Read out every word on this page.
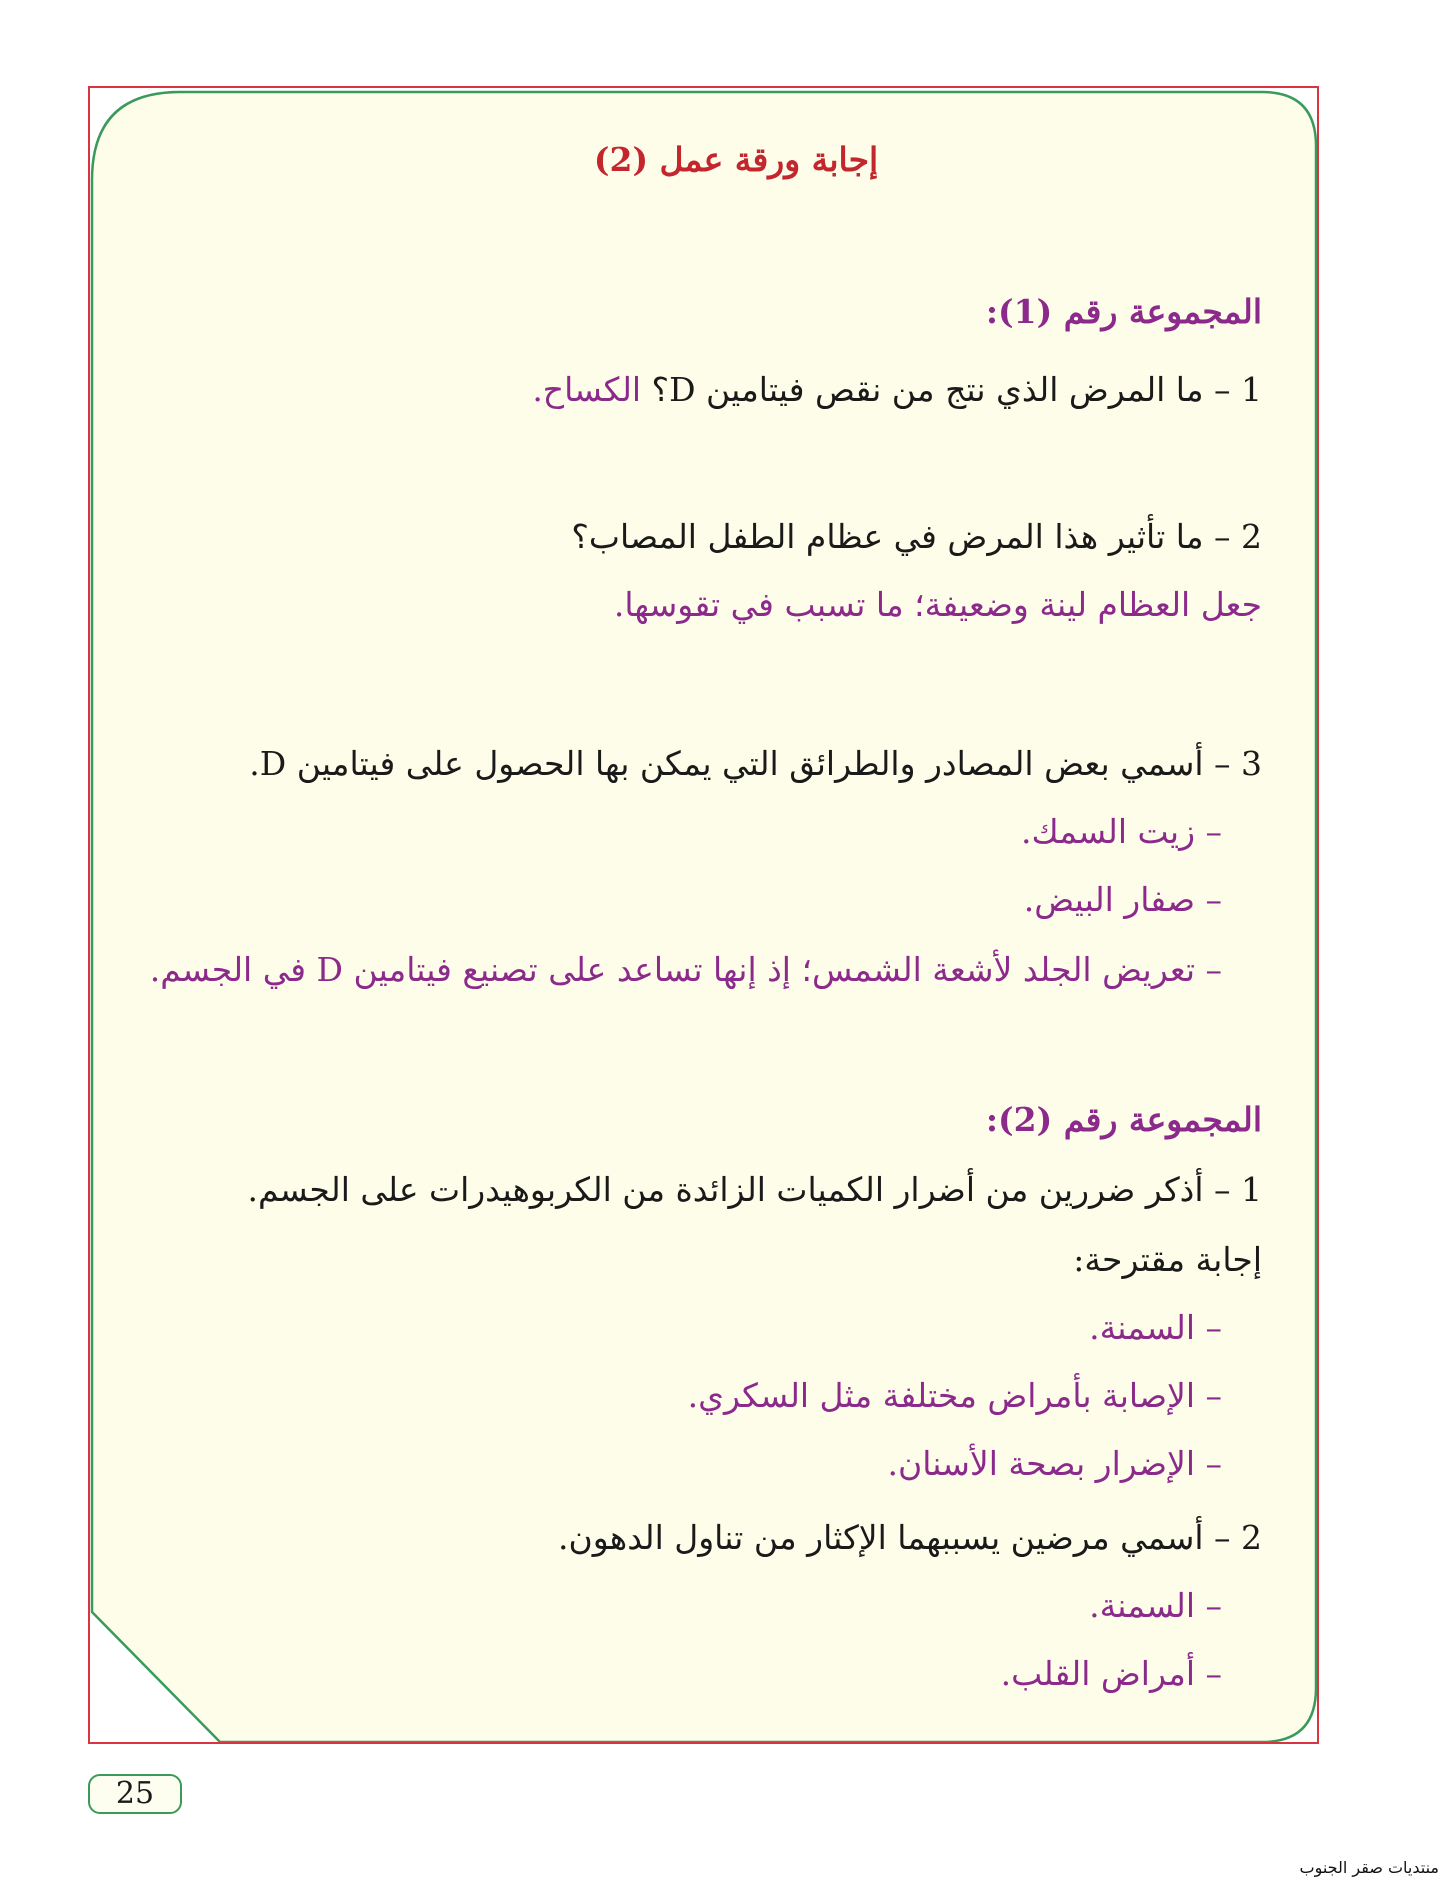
إجابة ورقة عمل (2)
المجموعة رقم (1):
1 – ما المرض الذي نتج من نقص فيتامين D؟ الكساح.
2 – ما تأثير هذا المرض في عظام الطفل المصاب؟
جعل العظام لينة وضعيفة؛ ما تسبب في تقوسها.
3 – أسمي بعض المصادر والطرائق التي يمكن بها الحصول على فيتامين D.
– زيت السمك.
– صفار البيض.
– تعريض الجلد لأشعة الشمس؛ إذ إنها تساعد على تصنيع فيتامين D في الجسم.
المجموعة رقم (2):
1 – أذكر ضررين من أضرار الكميات الزائدة من الكربوهيدرات على الجسم.
إجابة مقترحة:
– السمنة.
– الإصابة بأمراض مختلفة مثل السكري.
– الإضرار بصحة الأسنان.
2 – أسمي مرضين يسببهما الإكثار من تناول الدهون.
– السمنة.
– أمراض القلب.
25
منتديات صقر الجنوب
